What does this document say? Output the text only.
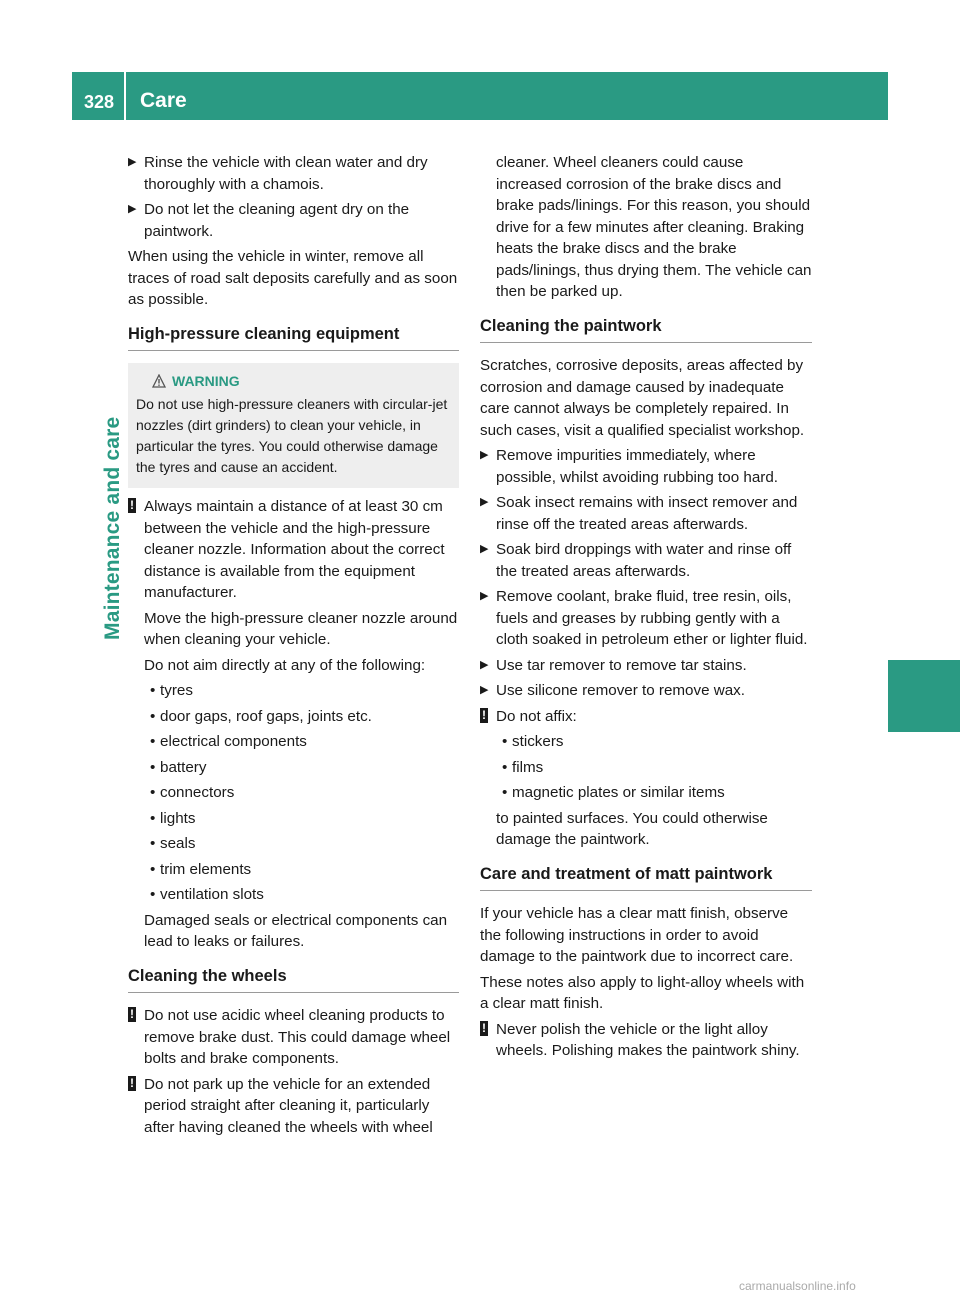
328 Care
Maintenance and care
▶ Rinse the vehicle with clean water and dry thoroughly with a chamois.
▶ Do not let the cleaning agent dry on the paintwork.

When using the vehicle in winter, remove all traces of road salt deposits carefully and as soon as possible.

High-pressure cleaning equipment
WARNING

Do not use high-pressure cleaners with circular-jet nozzles (dirt grinders) to clean your vehicle, in particular the tyres. You could otherwise damage the tyres and cause an accident.

! Always maintain a distance of at least 30 cm between the vehicle and the high-pressure cleaner nozzle. Information about the correct distance is available from the equipment manufacturer.

Move the high-pressure cleaner nozzle around when cleaning your vehicle.

Do not aim directly at any of the following:

• tyres
• door gaps, roof gaps, joints etc.
• electrical components
• battery
• connectors
• lights
• seals
• trim elements
• ventilation slots

Damaged seals or electrical components can lead to leaks or failures.

Cleaning the wheels
! Do not use acidic wheel cleaning products to remove brake dust. This could damage wheel bolts and brake components.

! Do not park up the vehicle for an extended period straight after cleaning it, particularly after having cleaned the wheels with wheel

cleaner. Wheel cleaners could cause increased corrosion of the brake discs and brake pads/linings. For this reason, you should drive for a few minutes after cleaning. Braking heats the brake discs and the brake pads/linings, thus drying them. The vehicle can then be parked up.

Cleaning the paintwork

Scratches, corrosive deposits, areas affected by corrosion and damage caused by inadequate care cannot always be completely repaired. In such cases, visit a qualified specialist workshop.

▶ Remove impurities immediately, where possible, whilst avoiding rubbing too hard.
▶ Soak insect remains with insect remover and rinse off the treated areas afterwards.
▶ Soak bird droppings with water and rinse off the treated areas afterwards.
▶ Remove coolant, brake fluid, tree resin, oils, fuels and greases by rubbing gently with a cloth soaked in petroleum ether or lighter fluid.
▶ Use tar remover to remove tar stains.
▶ Use silicone remover to remove wax.
! Do not affix:

• stickers
• films
• magnetic plates or similar items

to painted surfaces. You could otherwise damage the paintwork.

Care and treatment of matt paintwork

If your vehicle has a clear matt finish, observe the following instructions in order to avoid damage to the paintwork due to incorrect care.

These notes also apply to light-alloy wheels with a clear matt finish.

! Never polish the vehicle or the light alloy wheels. Polishing makes the paintwork shiny.

carmanualsonline.info
